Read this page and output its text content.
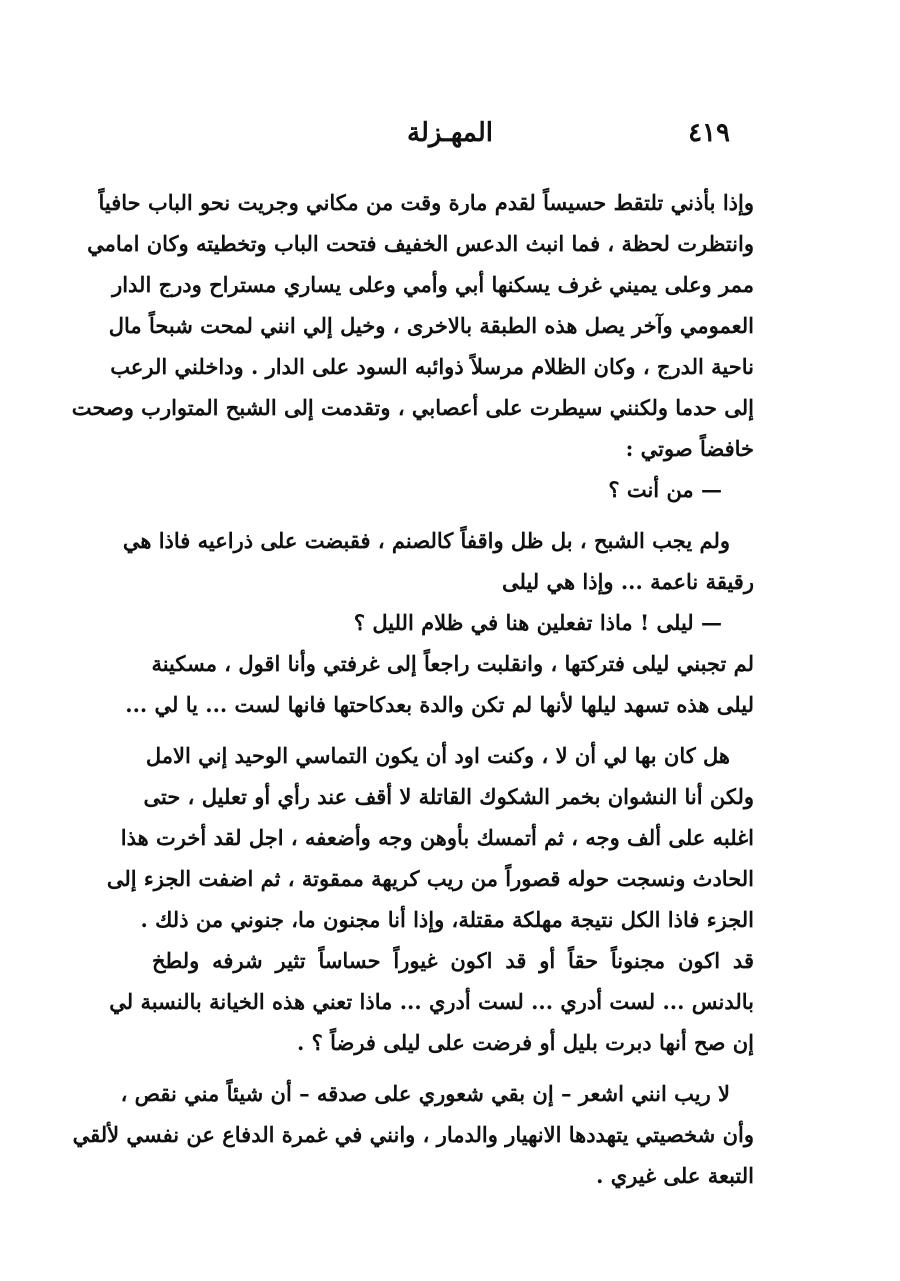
٤١٩
المهـزلة
وإذا بأذني تلتقط حسيساً لقدم مارة وقت من مكاني وجريت نحو الباب حافياً
وانتظرت لحظة ، فما انبث الدعس الخفيف فتحت الباب وتخطيته وكان امامي
ممر وعلى يميني غرف يسكنها أبي وأمي وعلى يساري مستراح ودرج الدار
العمومي وآخر يصل هذه الطبقة بالاخرى ، وخيل إلي انني لمحت شبحاً مال
ناحية الدرج ، وكان الظلام مرسلاً ذوائبه السود على الدار . وداخلني الرعب
إلى حدما ولكنني سيطرت على أعصابي ، وتقدمت إلى الشبح المتوارب وصحت
خافضاً صوتي :
— من أنت ؟
ولم يجب الشبح ، بل ظل واقفاً كالصنم ، فقبضت على ذراعيه فاذا هي
رقيقة ناعمة ... وإذا هي ليلى
— ليلى ! ماذا تفعلين هنا في ظلام الليل ؟
لم تجبني ليلى فتركتها ، وانقلبت راجعاً إلى غرفتي وأنا اقول ، مسكينة
ليلى هذه تسهد ليلها لأنها لم تكن والدة بعدكاحتها فانها لست ... يا لي ...
هل كان بها لي أن لا ، وكنت اود أن يكون التماسي الوحيد إني الامل
ولكن أنا النشوان بخمر الشكوك القاتلة لا أقف عند رأي أو تعليل ، حتى
اغلبه على ألف وجه ، ثم أتمسك بأوهن وجه وأضعفه ، اجل لقد أخرت هذا
الحادث ونسجت حوله قصوراً من ريب كريهة ممقوتة ، ثم اضفت الجزء إلى
الجزء فاذا الكل نتيجة مهلكة مقتلة، وإذا أنا مجنون ما، جنوني من ذلك .
قد اكون مجنوناً حقاً أو قد اكون غيوراً حساساً تثير شرفه ولطخ
بالدنس ... لست أدري ... لست أدري ... ماذا تعني هذه الخيانة بالنسبة لي
إن صح أنها دبرت بليل أو فرضت على ليلى فرضاً ؟ .
لا ريب انني اشعر – إن بقي شعوري على صدقه – أن شيئاً مني نقص ،
وأن شخصيتي يتهددها الانهيار والدمار ، وانني في غمرة الدفاع عن نفسي لألقي
التبعة على غيري .
